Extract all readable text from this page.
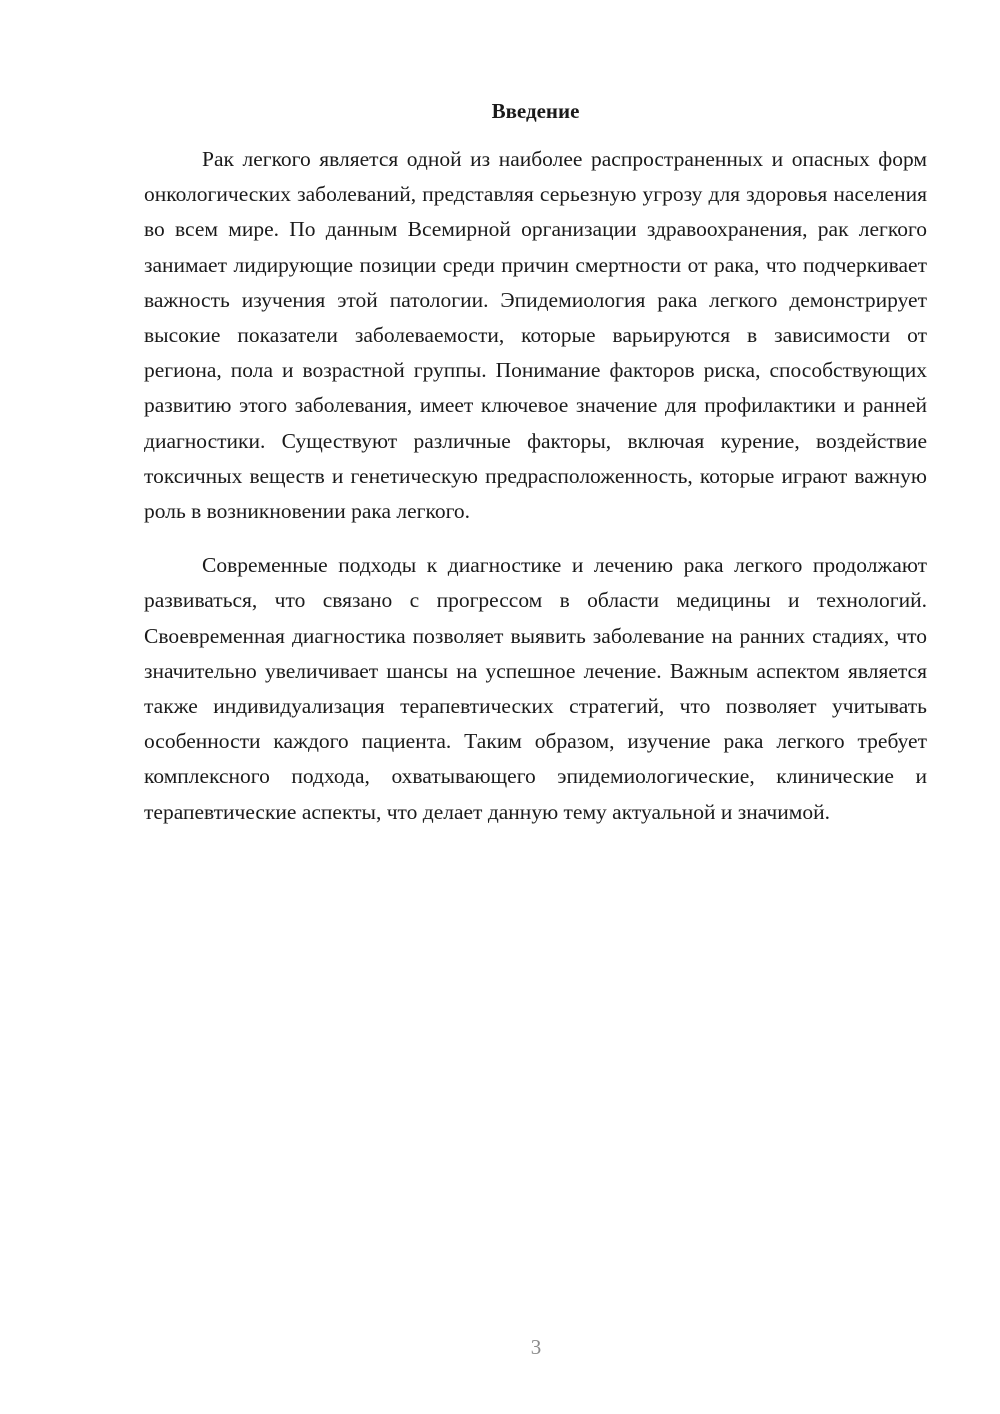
Введение

Рак легкого является одной из наиболее распространенных и опасных форм онкологических заболеваний, представляя серьезную угрозу для здоровья населения во всем мире. По данным Всемирной организации здравоохранения, рак легкого занимает лидирующие позиции среди причин смертности от рака, что подчеркивает важность изучения этой патологии. Эпидемиология рака легкого демонстрирует высокие показатели заболеваемости, которые варьируются в зависимости от региона, пола и возрастной группы. Понимание факторов риска, способствующих развитию этого заболевания, имеет ключевое значение для профилактики и ранней диагностики. Существуют различные факторы, включая курение, воздействие токсичных веществ и генетическую предрасположенность, которые играют важную роль в возникновении рака легкого.

Современные подходы к диагностике и лечению рака легкого продолжают развиваться, что связано с прогрессом в области медицины и технологий. Своевременная диагностика позволяет выявить заболевание на ранних стадиях, что значительно увеличивает шансы на успешное лечение. Важным аспектом является также индивидуализация терапевтических стратегий, что позволяет учитывать особенности каждого пациента. Таким образом, изучение рака легкого требует комплексного подхода, охватывающего эпидемиологические, клинические и терапевтические аспекты, что делает данную тему актуальной и значимой.

3
